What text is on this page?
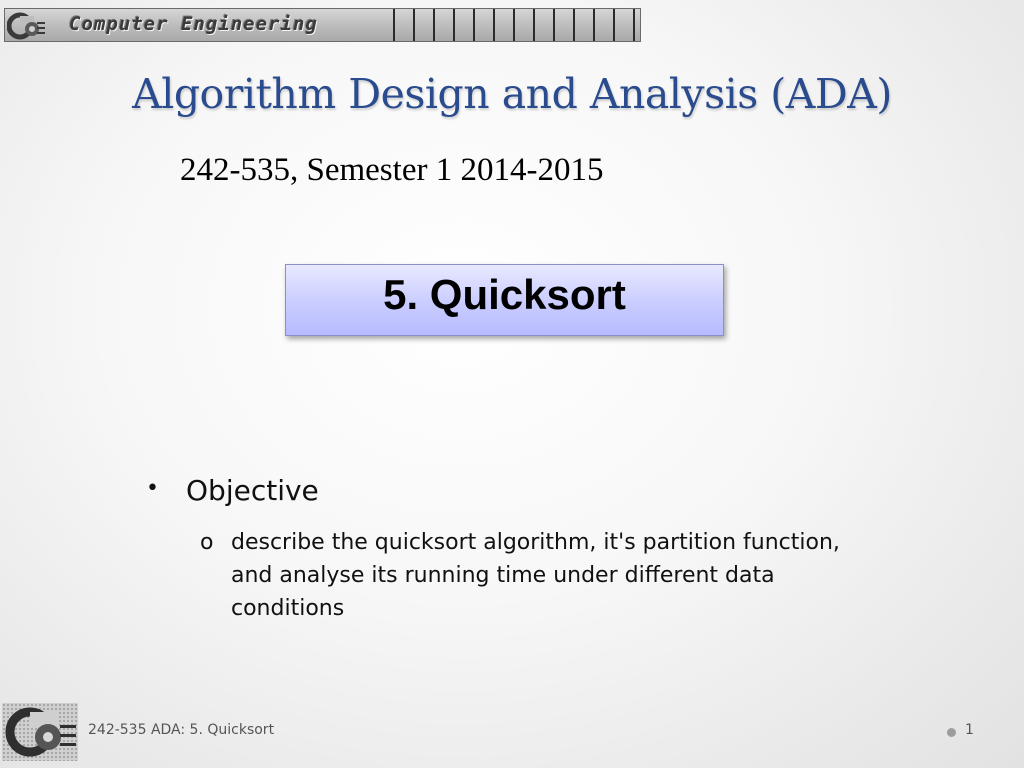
Computer Engineering
Algorithm Design and Analysis (ADA)
242-535, Semester 1 2014-2015
5. Quicksort
• Objective
o describe the quicksort algorithm, it's partition function, and analyse its running time under different data conditions
242-535 ADA: 5. Quicksort	1
